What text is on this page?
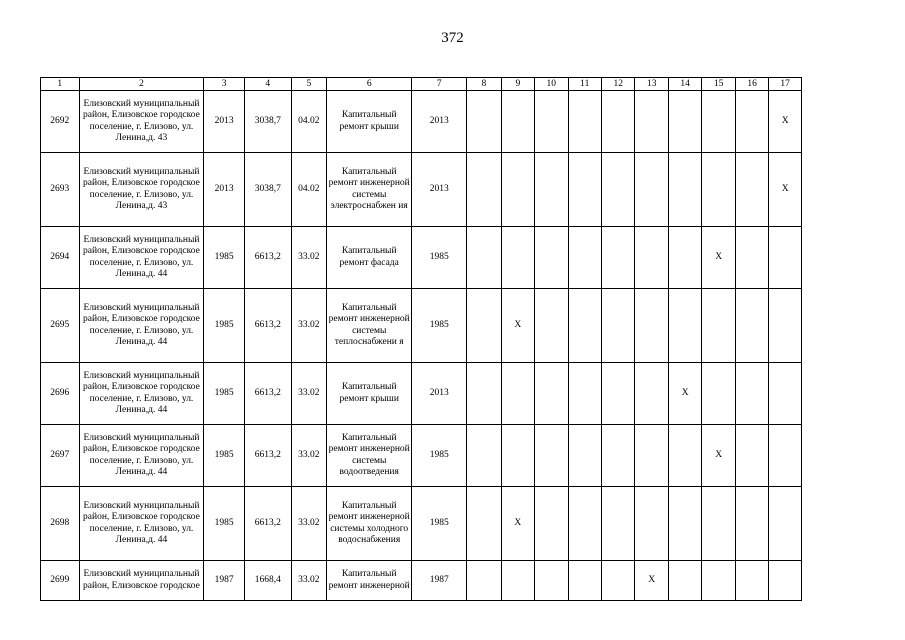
372
1	2	3	4	5	6	7	8	9	10	11	12	13	14	15	16	17
2692	Елизовский муниципальный район, Елизовское городское поселение, г. Елизово, ул. Ленина,д. 43	2013	3038,7	04.02	Капитальный ремонт крыши	2013										X
2693	Елизовский муниципальный район, Елизовское городское поселение, г. Елизово, ул. Ленина,д. 43	2013	3038,7	04.02	Капитальный ремонт инженерной системы электроснабжен ия	2013										X
2694	Елизовский муниципальный район, Елизовское городское поселение, г. Елизово, ул. Ленина,д. 44	1985	6613,2	33.02	Капитальный ремонт фасада	1985								X		
2695	Елизовский муниципальный район, Елизовское городское поселение, г. Елизово, ул. Ленина,д. 44	1985	6613,2	33.02	Капитальный ремонт инженерной системы теплоснабжени я	1985		X								
2696	Елизовский муниципальный район, Елизовское городское поселение, г. Елизово, ул. Ленина,д. 44	1985	6613,2	33.02	Капитальный ремонт крыши	2013							X			
2697	Елизовский муниципальный район, Елизовское городское поселение, г. Елизово, ул. Ленина,д. 44	1985	6613,2	33.02	Капитальный ремонт инженерной системы водоотведения	1985								X		
2698	Елизовский муниципальный район, Елизовское городское поселение, г. Елизово, ул. Ленина,д. 44	1985	6613,2	33.02	Капитальный ремонт инженерной системы холодного водоснабжения	1985		X								
2699	Елизовский муниципальный район, Елизовское городское	1987	1668,4	33.02	Капитальный ремонт инженерной	1987						X				
